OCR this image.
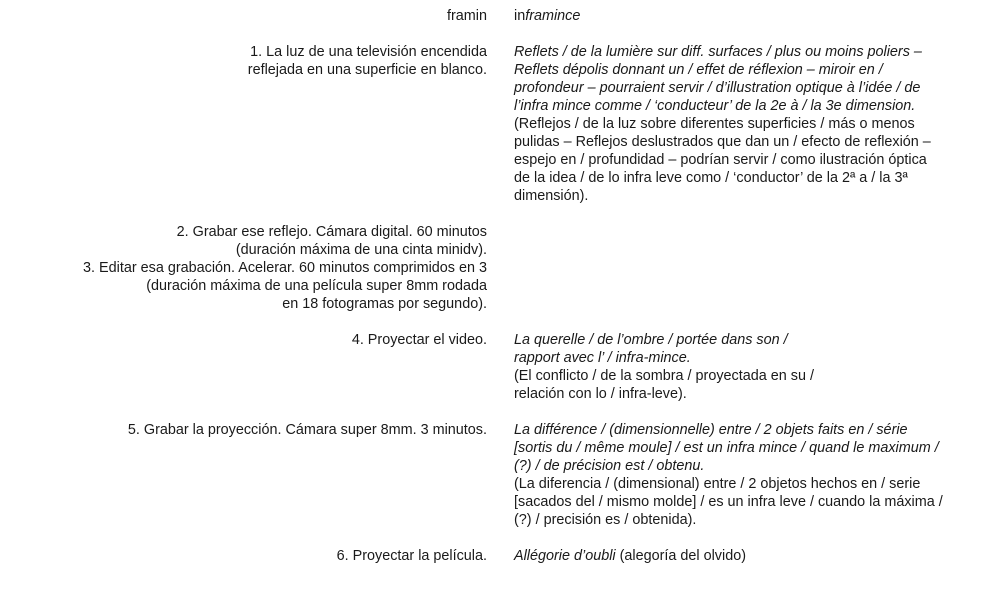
framin inframince
1. La luz de una televisión encendida
reflejada en una superficie en blanco.
Reflets / de la lumière sur diff. surfaces / plus ou moins poliers –
Reflets dépolis donnant un / effet de réflexion – miroir en /
profondeur – pourraient servir / d’illustration optique à l’idée / de
l’infra mince comme / ‘conducteur’ de la 2e à / la 3e dimension.
(Reflejos / de la luz sobre diferentes superficies / más o menos
pulidas – Reflejos deslustrados que dan un / efecto de reflexión –
espejo en / profundidad – podrían servir / como ilustración óptica
de la idea / de lo infra leve como / ‘conductor’ de la 2ª a / la 3ª
dimensión).
2. Grabar ese reflejo. Cámara digital. 60 minutos
(duración máxima de una cinta minidv).
3. Editar esa grabación. Acelerar. 60 minutos comprimidos en 3
(duración máxima de una película super 8mm rodada
en 18 fotogramas por segundo).
4. Proyectar el video. La querelle / de l’ombre / portée dans son /
rapport avec l’ / infra-mince.
(El conflicto / de la sombra / proyectada en su /
relación con lo / infra-leve).
5. Grabar la proyección. Cámara super 8mm. 3 minutos. La différence / (dimensionnelle) entre / 2 objets faits en / série
[sortis du / même moule] / est un infra mince / quand le maximum /
(?) / de précision est / obtenu.
(La diferencia / (dimensional) entre / 2 objetos hechos en / serie
[sacados del / mismo molde] / es un infra leve / cuando la máxima /
(?) / precisión es / obtenida).
6. Proyectar la película. Allégorie d’oubli (alegoría del olvido)
